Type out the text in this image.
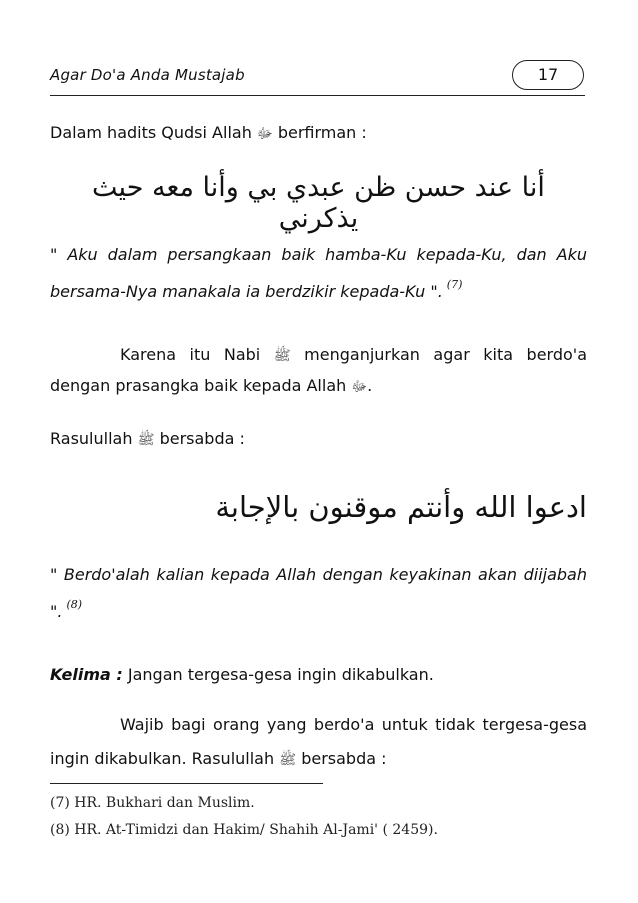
Agar Do'a Anda Mustajab	17
Dalam hadits Qudsi Allah ﷻ berfirman :
أنا عند حسن ظن عبدي بي وأنا معه حيث يذكرني
" Aku dalam persangkaan baik hamba-Ku kepada-Ku, dan Aku bersama-Nya manakala ia berdzikir kepada-Ku ". $^{(7)}$
Karena itu Nabi ﷺ menganjurkan agar kita berdo'a dengan prasangka baik kepada Allah ﷻ.
Rasulullah ﷺ bersabda :
ادعوا الله وأنتم موقنون بالإجابة
" Berdo'alah kalian kepada Allah dengan keyakinan akan diijabah ". $^{(8)}$
Kelima : Jangan tergesa-gesa ingin dikabulkan.
Wajib bagi orang yang berdo'a untuk tidak tergesa-gesa ingin dikabulkan. Rasulullah ﷺ bersabda :
(7) HR. Bukhari dan Muslim.
(8) HR. At-Timidzi dan Hakim/ Shahih Al-Jami' ( 2459).
